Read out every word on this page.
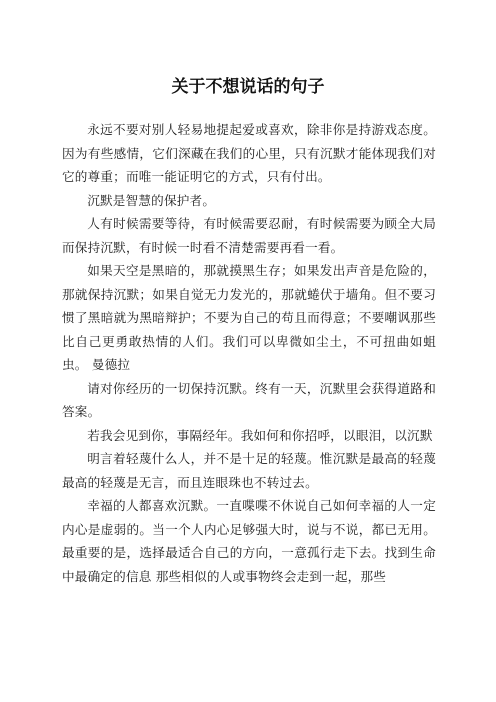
关于不想说话的句子

永远不要对别人轻易地提起爱或喜欢，除非你是持游戏态度。因为有些感情，它们深藏在我们的心里，只有沉默才能体现我们对它的尊重；而唯一能证明它的方式，只有付出。

沉默是智慧的保护者。

人有时候需要等待，有时候需要忍耐，有时候需要为顾全大局而保持沉默，有时候一时看不清楚需要再看一看。

如果天空是黑暗的，那就摸黑生存；如果发出声音是危险的，那就保持沉默；如果自觉无力发光的，那就蜷伏于墙角。但不要习惯了黑暗就为黑暗辩护；不要为自己的苟且而得意；不要嘲讽那些比自己更勇敢热情的人们。我们可以卑微如尘土，不可扭曲如蛆虫。 曼德拉

请对你经历的一切保持沉默。终有一天，沉默里会获得道路和答案。

若我会见到你，事隔经年。我如何和你招呼，以眼泪，以沉默

明言着轻蔑什么人，并不是十足的轻蔑。惟沉默是最高的轻蔑 最高的轻蔑是无言，而且连眼珠也不转过去。

幸福的人都喜欢沉默。一直喋喋不休说自己如何幸福的人一定内心是虚弱的。当一个人内心足够强大时，说与不说，都已无用。最重要的是，选择最适合自己的方向，一意孤行走下去。找到生命中最确定的信息 那些相似的人或事物终会走到一起，那些
